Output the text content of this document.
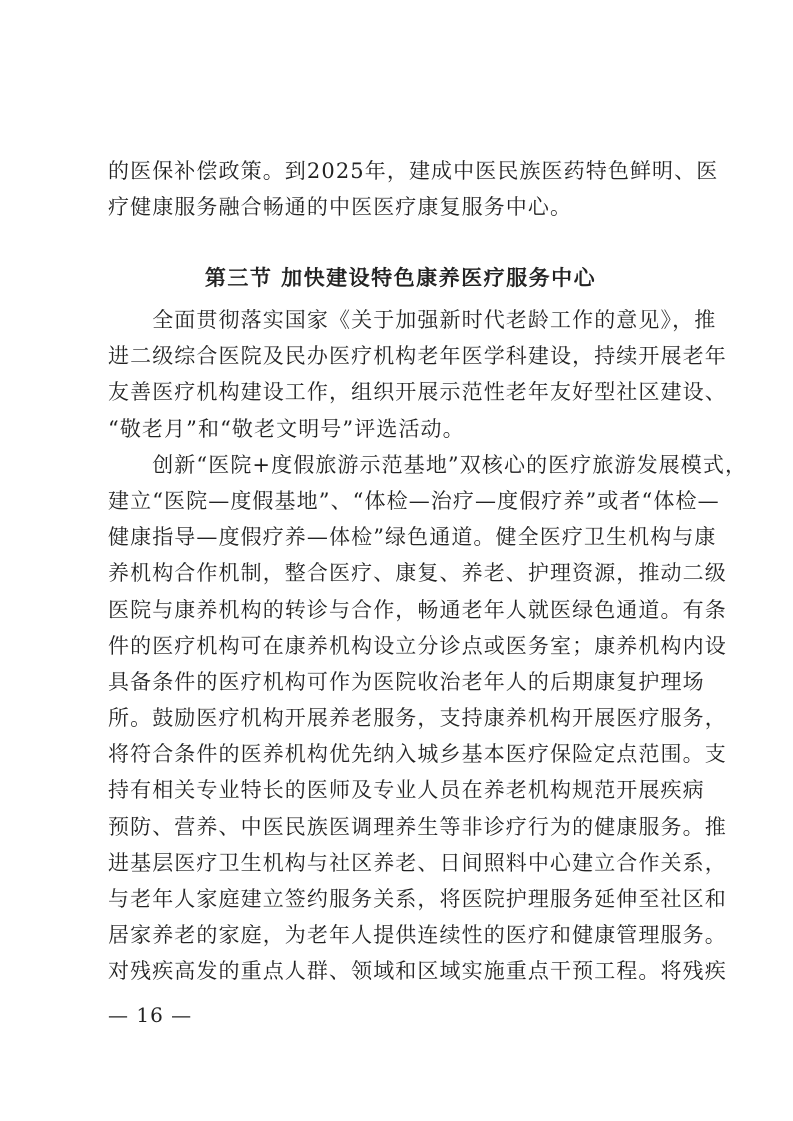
的医保补偿政策。到2025年，建成中医民族医药特色鲜明、医
疗健康服务融合畅通的中医医疗康复服务中心。
第三节 加快建设特色康养医疗服务中心
　　全面贯彻落实国家《关于加强新时代老龄工作的意见》，推
进二级综合医院及民办医疗机构老年医学科建设，持续开展老年
友善医疗机构建设工作，组织开展示范性老年友好型社区建设、
“敬老月”和“敬老文明号”评选活动。
　　创新“医院+度假旅游示范基地”双核心的医疗旅游发展模式，
建立“医院—度假基地”、“体检—治疗—度假疗养”或者“体检—
健康指导—度假疗养—体检”绿色通道。健全医疗卫生机构与康
养机构合作机制，整合医疗、康复、养老、护理资源，推动二级
医院与康养机构的转诊与合作，畅通老年人就医绿色通道。有条
件的医疗机构可在康养机构设立分诊点或医务室；康养机构内设
具备条件的医疗机构可作为医院收治老年人的后期康复护理场
所。鼓励医疗机构开展养老服务，支持康养机构开展医疗服务，
将符合条件的医养机构优先纳入城乡基本医疗保险定点范围。支
持有相关专业特长的医师及专业人员在养老机构规范开展疾病
预防、营养、中医民族医调理养生等非诊疗行为的健康服务。推
进基层医疗卫生机构与社区养老、日间照料中心建立合作关系，
与老年人家庭建立签约服务关系，将医院护理服务延伸至社区和
居家养老的家庭，为老年人提供连续性的医疗和健康管理服务。
对残疾高发的重点人群、领域和区域实施重点干预工程。将残疾
— 16 —
